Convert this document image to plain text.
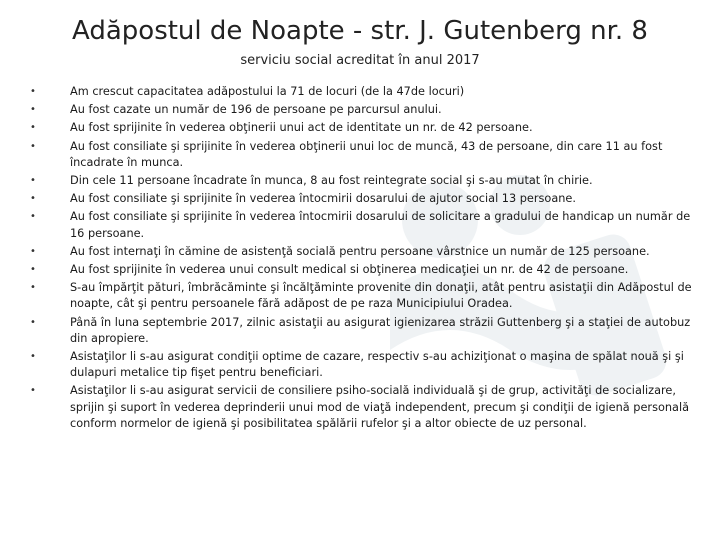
Adăpostul de Noapte - str. J. Gutenberg nr. 8
serviciu social acreditat în anul 2017
•	Am crescut capacitatea adăpostului la 71 de locuri (de la 47de locuri)
•	Au fost cazate un număr de 196 de persoane pe parcursul anului.
•	Au fost sprijinite în vederea obţinerii unui act de identitate un nr. de 42 persoane.
•	Au fost consiliate şi sprijinite în vederea obţinerii unui loc de muncă, 43 de persoane, din care 11 au fost încadrate în munca.
•	Din cele 11 persoane încadrate în munca, 8 au fost reintegrate social şi s-au mutat în chirie.
•	Au fost consiliate şi sprijinite în vederea întocmirii dosarului de ajutor social 13 persoane.
•	Au fost consiliate şi sprijinite în vederea întocmirii dosarului de solicitare a gradului de handicap un număr de 16 persoane.
•	Au fost internaţi în cămine de asistenţă socială pentru persoane vârstnice un număr de 125 persoane.
•	Au fost sprijinite în vederea unui consult medical si obţinerea medicaţiei un nr. de 42 de persoane.
•	S-au împărţit pături, îmbrăcăminte şi încălţăminte provenite din donaţii, atât pentru asistaţii din Adăpostul de noapte, cât şi pentru persoanele fără adăpost de pe raza Municipiului Oradea.
•	Până în luna septembrie 2017, zilnic asistaţii au asigurat igienizarea străzii Guttenberg şi a staţiei de autobuz din apropiere.
•	Asistaţilor li s-au asigurat condiţii optime de cazare, respectiv s-au achiziţionat o maşina de spălat nouă şi şi dulapuri metalice tip fişet pentru beneficiari.
•	Asistaţilor li s-au asigurat servicii de consiliere psiho-socială individuală şi de grup, activităţi de socializare, sprijin şi suport în vederea deprinderii unui mod de viaţă independent, precum şi condiţii de igienă personală conform normelor de igienă şi posibilitatea spălării rufelor şi a altor obiecte de uz personal.
